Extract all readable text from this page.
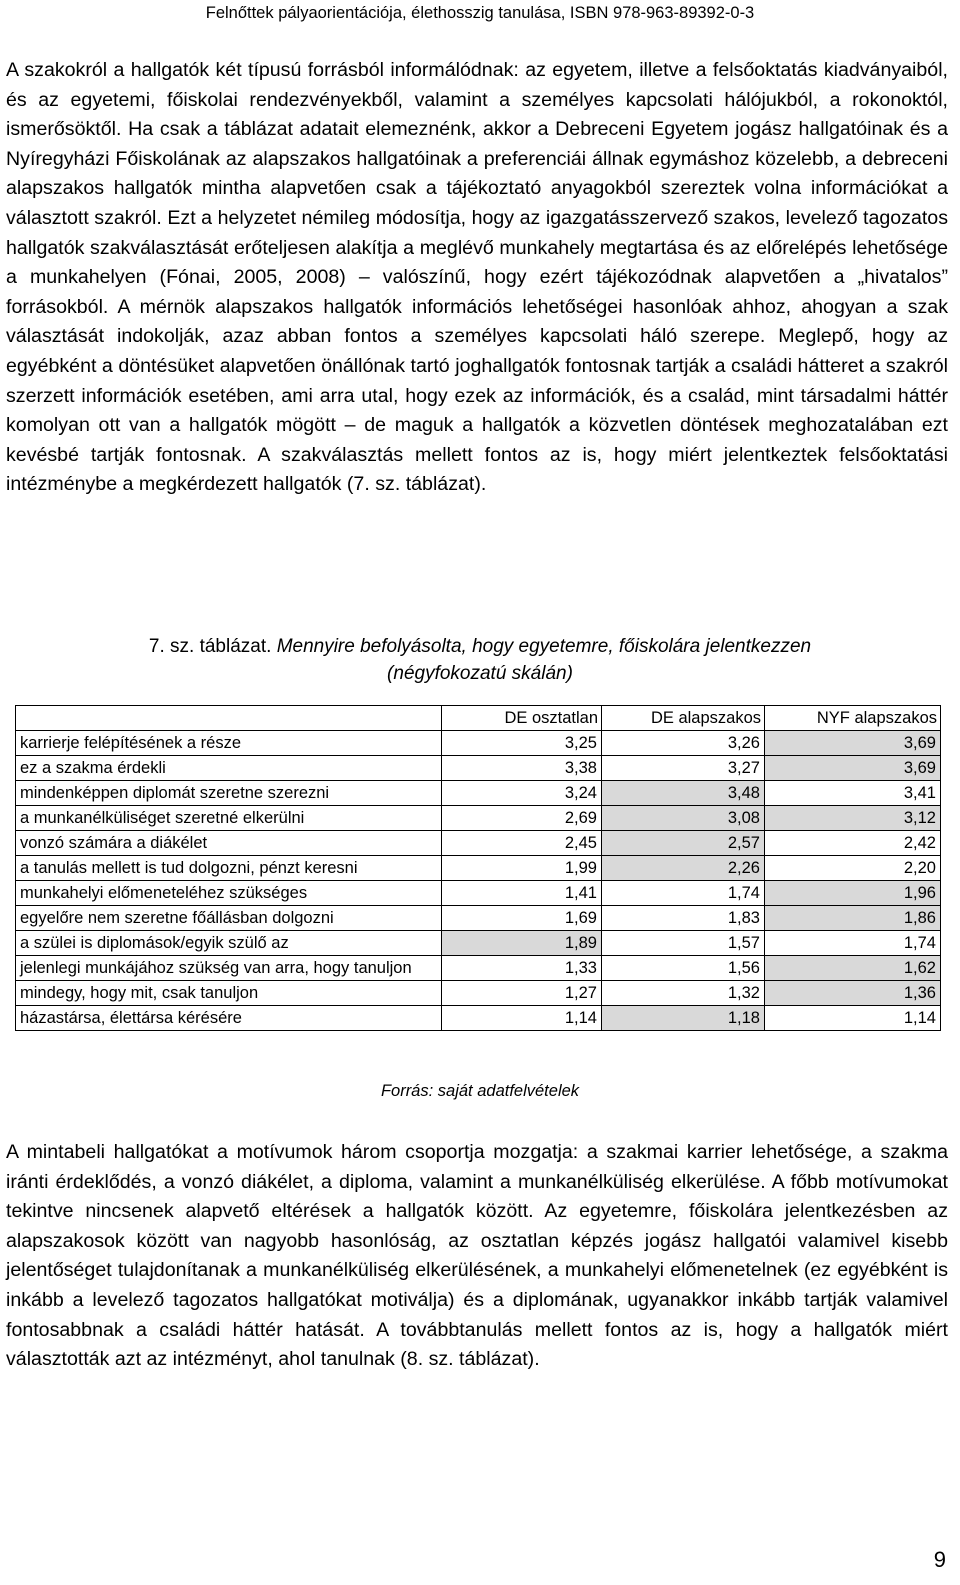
Felnőttek pályaorientációja, élethosszig tanulása, ISBN 978-963-89392-0-3

A szakokról a hallgatók két típusú forrásból informálódnak: az egyetem, illetve a felsőoktatás kiadványaiból, és az egyetemi, főiskolai rendezvényekből, valamint a személyes kapcsolati hálójukból, a rokonoktól, ismerősöktől. Ha csak a táblázat adatait elemeznénk, akkor a Debreceni Egyetem jogász hallgatóinak és a Nyíregyházi Főiskolának az alapszakos hallgatóinak a preferenciái állnak egymáshoz közelebb, a debreceni alapszakos hallgatók mintha alapvetően csak a tájékoztató anyagokból szereztek volna információkat a választott szakról. Ezt a helyzetet némileg módosítja, hogy az igazgatásszervező szakos, levelező tagozatos hallgatók szakválasztását erőteljesen alakítja a meglévő munkahely megtartása és az előrelépés lehetősége a munkahelyen (Fónai, 2005, 2008) – valószínű, hogy ezért tájékozódnak alapvetően a „hivatalos” forrásokból. A mérnök alapszakos hallgatók információs lehetőségei hasonlóak ahhoz, ahogyan a szak választását indokolják, azaz abban fontos a személyes kapcsolati háló szerepe. Meglepő, hogy az egyébként a döntésüket alapvetően önállónak tartó joghallgatók fontosnak tartják a családi hátteret a szakról szerzett információk esetében, ami arra utal, hogy ezek az információk, és a család, mint társadalmi háttér komolyan ott van a hallgatók mögött – de maguk a hallgatók a közvetlen döntések meghozatalában ezt kevésbé tartják fontosnak. A szakválasztás mellett fontos az is, hogy miért jelentkeztek felsőoktatási intézménybe a megkérdezett hallgatók (7. sz. táblázat).

7. sz. táblázat. Mennyire befolyásolta, hogy egyetemre, főiskolára jelentkezzen
(négyfokozatú skálán)
	DE osztatlan	DE alapszakos	NYF alapszakos
karrierje felépítésének a része	3,25	3,26	3,69
ez a szakma érdekli	3,38	3,27	3,69
mindenképpen diplomát szeretne szerezni	3,24	3,48	3,41
a munkanélküliséget szeretné elkerülni	2,69	3,08	3,12
vonzó számára a diákélet	2,45	2,57	2,42
a tanulás mellett is tud dolgozni, pénzt keresni	1,99	2,26	2,20
munkahelyi előmeneteléhez szükséges	1,41	1,74	1,96
egyelőre nem szeretne főállásban dolgozni	1,69	1,83	1,86
a szülei is diplomások/egyik szülő az	1,89	1,57	1,74
jelenlegi munkájához szükség van arra, hogy tanuljon	1,33	1,56	1,62
mindegy, hogy mit, csak tanuljon	1,27	1,32	1,36
házastársa, élettársa kérésére	1,14	1,18	1,14
Forrás: saját adatfelvételek

A mintabeli hallgatókat a motívumok három csoportja mozgatja: a szakmai karrier lehetősége, a szakma iránti érdeklődés, a vonzó diákélet, a diploma, valamint a munkanélküliség elkerülése. A főbb motívumokat tekintve nincsenek alapvető eltérések a hallgatók között. Az egyetemre, főiskolára jelentkezésben az alapszakosok között van nagyobb hasonlóság, az osztatlan képzés jogász hallgatói valamivel kisebb jelentőséget tulajdonítanak a munkanélküliség elkerülésének, a munkahelyi előmenetelnek (ez egyébként is inkább a levelező tagozatos hallgatókat motiválja) és a diplomának, ugyanakkor inkább tartják valamivel fontosabbnak a családi háttér hatását. A továbbtanulás mellett fontos az is, hogy a hallgatók miért választották azt az intézményt, ahol tanulnak (8. sz. táblázat).

9
